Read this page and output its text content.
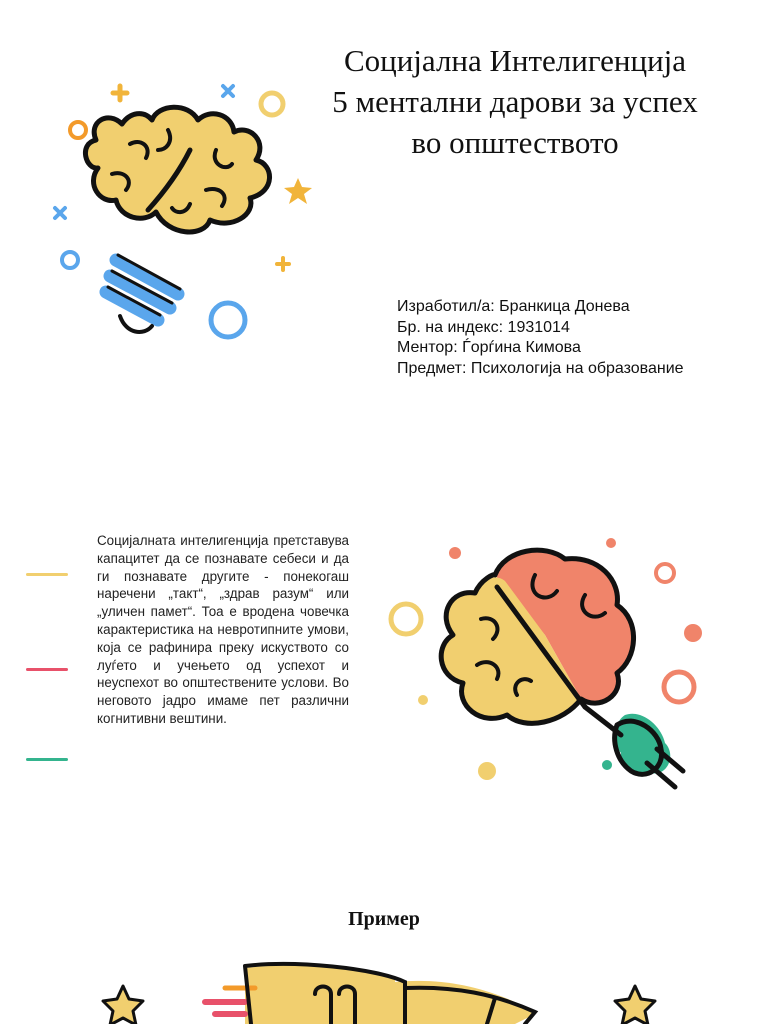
Социјална Интелигенција
5 ментални дарови за успех
во општеството
Изработил/а: Бранкица Донева
Бр. на индекс: 1931014
Ментор: Ѓорѓина Кимова
Предмет: Психологија на образование
Социјалната интелигенција претставува капацитет да се познавате себеси и да ги познавате другите - понекогаш наречени „такт“, „здрав разум“ или „уличен памет“. Тоа е вродена човечка карактеристика на невротипните умови, која се рафинира преку искуството со луѓето и учењето од успехот и неуспехот во општествените услови. Во неговото јадро имаме пет различни когнитивни вештини.
Пример
